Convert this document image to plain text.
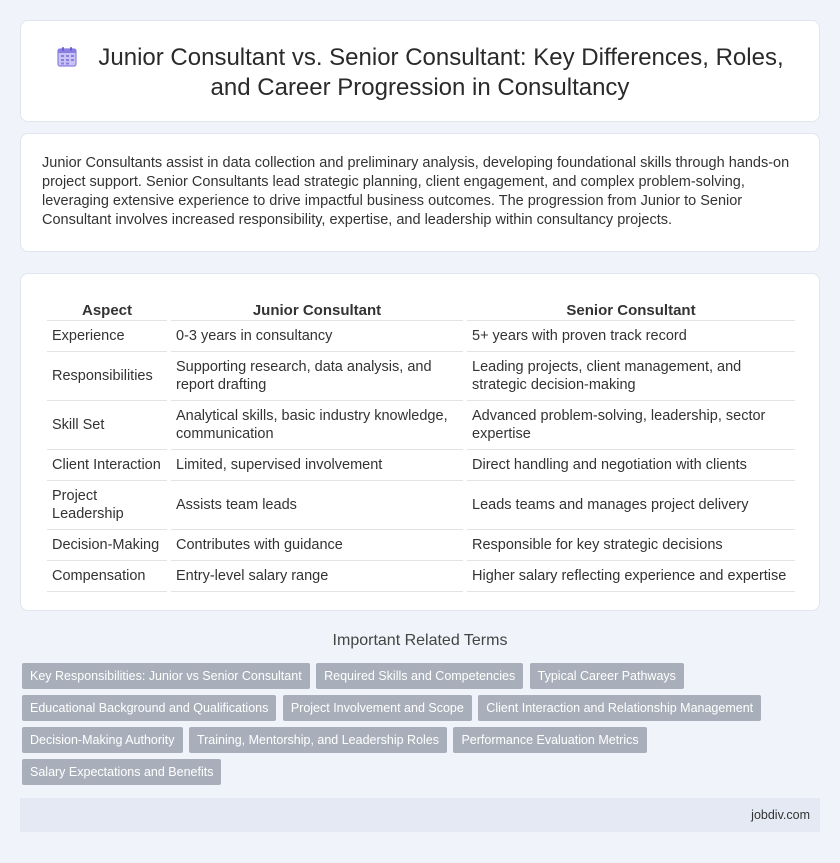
Junior Consultant vs. Senior Consultant: Key Differences, Roles,
and Career Progression in Consultancy

Junior Consultants assist in data collection and preliminary analysis, developing foundational skills through hands-on project support. Senior Consultants lead strategic planning, client engagement, and complex problem-solving, leveraging extensive experience to drive impactful business outcomes. The progression from Junior to Senior Consultant involves increased responsibility, expertise, and leadership within consultancy projects.

Aspect	Junior Consultant	Senior Consultant
Experience	0-3 years in consultancy	5+ years with proven track record
Responsibilities	Supporting research, data analysis, and report drafting	Leading projects, client management, and strategic decision-making
Skill Set	Analytical skills, basic industry knowledge, communication	Advanced problem-solving, leadership, sector expertise
Client Interaction	Limited, supervised involvement	Direct handling and negotiation with clients
Project Leadership	Assists team leads	Leads teams and manages project delivery
Decision-Making	Contributes with guidance	Responsible for key strategic decisions
Compensation	Entry-level salary range	Higher salary reflecting experience and expertise
Important Related Terms
Key Responsibilities: Junior vs Senior Consultant Required Skills and Competencies Typical Career Pathways
Educational Background and Qualifications Project Involvement and Scope Client Interaction and Relationship Management
Decision-Making Authority Training, Mentorship, and Leadership Roles Performance Evaluation Metrics
Salary Expectations and Benefits
jobdiv.com
